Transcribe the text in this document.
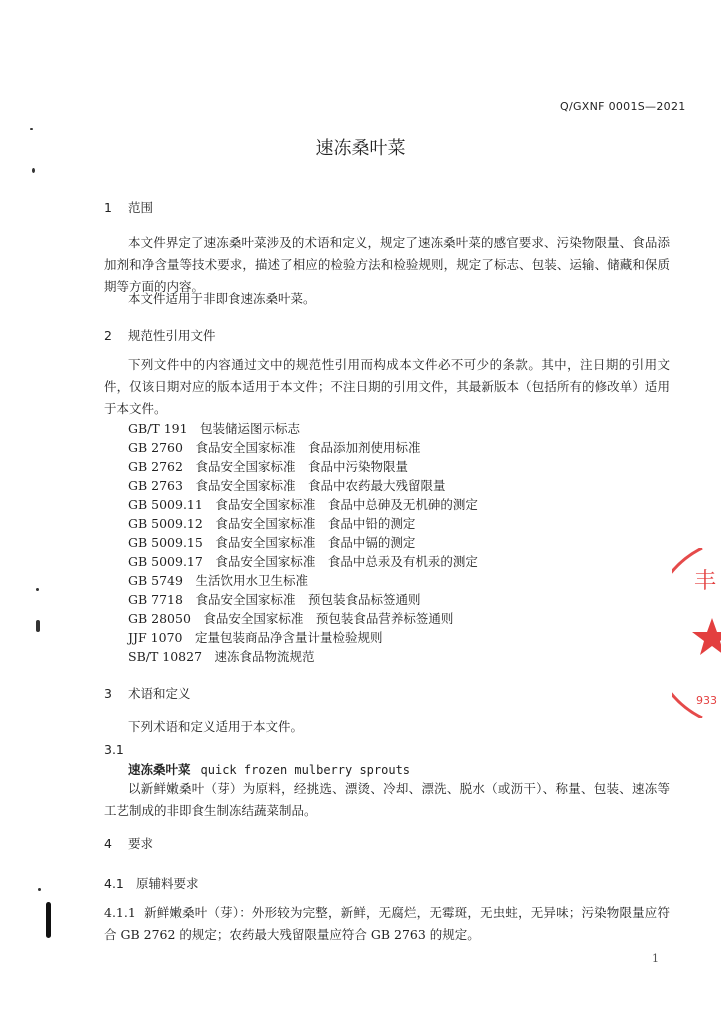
Q/GXNF 0001S—2021
速冻桑叶菜
1 范围
本文件界定了速冻桑叶菜涉及的术语和定义，规定了速冻桑叶菜的感官要求、污染物限量、食品添加剂和净含量等技术要求，描述了相应的检验方法和检验规则，规定了标志、包装、运输、储藏和保质期等方面的内容。
本文件适用于非即食速冻桑叶菜。
2 规范性引用文件
下列文件中的内容通过文中的规范性引用而构成本文件必不可少的条款。其中，注日期的引用文件，仅该日期对应的版本适用于本文件；不注日期的引用文件，其最新版本（包括所有的修改单）适用于本文件。
GB/T 191　包装储运图示标志
GB 2760　食品安全国家标准　食品添加剂使用标准
GB 2762　食品安全国家标准　食品中污染物限量
GB 2763　食品安全国家标准　食品中农药最大残留限量
GB 5009.11　食品安全国家标准　食品中总砷及无机砷的测定
GB 5009.12　食品安全国家标准　食品中铅的测定
GB 5009.15　食品安全国家标准　食品中镉的测定
GB 5009.17　食品安全国家标准　食品中总汞及有机汞的测定
GB 5749　生活饮用水卫生标准
GB 7718　食品安全国家标准　预包装食品标签通则
GB 28050　食品安全国家标准　预包装食品营养标签通则
JJF 1070　定量包装商品净含量计量检验规则
SB/T 10827　速冻食品物流规范
3 术语和定义
下列术语和定义适用于本文件。
3.1
速冻桑叶菜 quick frozen mulberry sprouts
以新鲜嫩桑叶（芽）为原料，经挑选、漂烫、冷却、漂洗、脱水（或沥干）、称量、包装、速冻等工艺制成的非即食生制冻结蔬菜制品。
4 要求
4.1 原辅料要求
4.1.1 新鲜嫩桑叶（芽）：外形较为完整，新鲜，无腐烂，无霉斑，无虫蛀，无异味；污染物限量应符合 GB 2762 的规定；农药最大残留限量应符合 GB 2763 的规定。
1
丰
933
